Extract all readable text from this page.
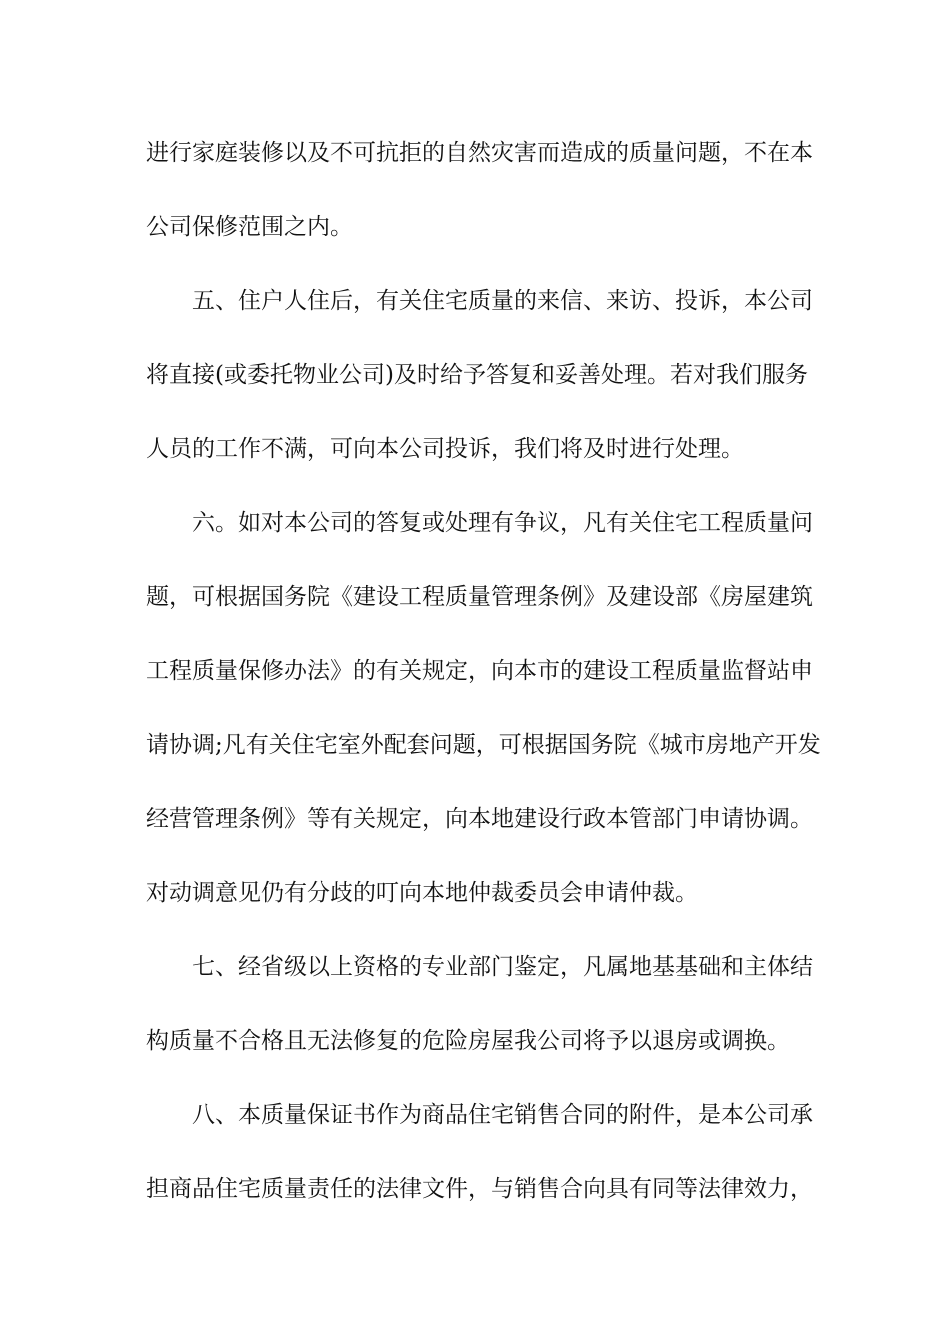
进行家庭装修以及不可抗拒的自然灾害而造成的质量问题，不在本
公司保修范围之内。
五、住户人住后，有关住宅质量的来信、来访、投诉，本公司
将直接(或委托物业公司)及时给予答复和妥善处理。若对我们服务
人员的工作不满，可向本公司投诉，我们将及时进行处理。
六。如对本公司的答复或处理有争议，凡有关住宅工程质量问
题，可根据国务院《建设工程质量管理条例》及建设部《房屋建筑
工程质量保修办法》的有关规定，向本市的建设工程质量监督站申
请协调;凡有关住宅室外配套问题，可根据国务院《城市房地产开发
经营管理条例》等有关规定，向本地建设行政本管部门申请协调。
对动调意见仍有分歧的叮向本地仲裁委员会申请仲裁。
七、经省级以上资格的专业部门鉴定，凡属地基基础和主体结
构质量不合格且无法修复的危险房屋我公司将予以退房或调换。
八、本质量保证书作为商品住宅销售合同的附件，是本公司承
担商品住宅质量责任的法律文件，与销售合向具有同等法律效力，
